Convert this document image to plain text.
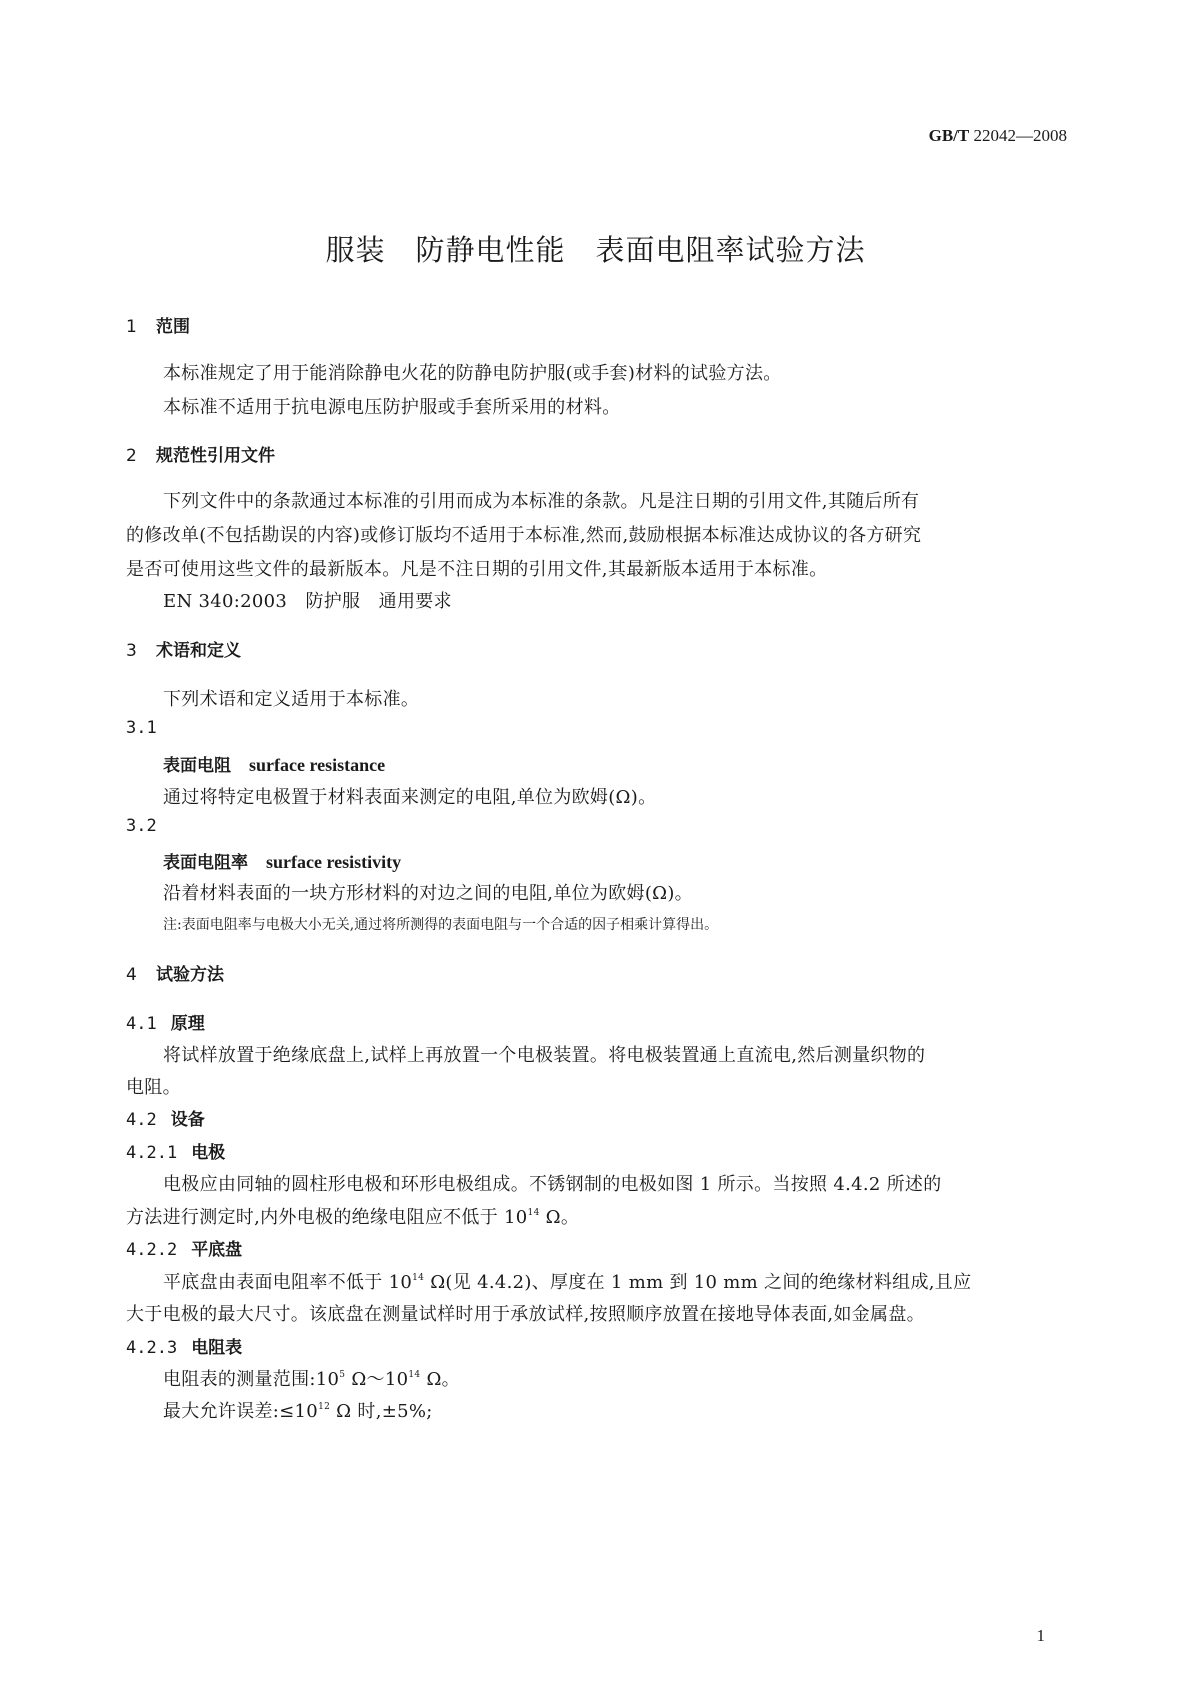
GB/T 22042—2008
服装　防静电性能　表面电阻率试验方法
1 范围
本标准规定了用于能消除静电火花的防静电防护服(或手套)材料的试验方法。
本标准不适用于抗电源电压防护服或手套所采用的材料。
2 规范性引用文件
下列文件中的条款通过本标准的引用而成为本标准的条款。凡是注日期的引用文件,其随后所有
的修改单(不包括勘误的内容)或修订版均不适用于本标准,然而,鼓励根据本标准达成协议的各方研究
是否可使用这些文件的最新版本。凡是不注日期的引用文件,其最新版本适用于本标准。
EN 340:2003　防护服　通用要求
3 术语和定义
下列术语和定义适用于本标准。
3.1
表面电阻 surface resistance
通过将特定电极置于材料表面来测定的电阻,单位为欧姆(Ω)。
3.2
表面电阻率 surface resistivity
沿着材料表面的一块方形材料的对边之间的电阻,单位为欧姆(Ω)。
注:表面电阻率与电极大小无关,通过将所测得的表面电阻与一个合适的因子相乘计算得出。
4 试验方法
4.1 原理
将试样放置于绝缘底盘上,试样上再放置一个电极装置。将电极装置通上直流电,然后测量织物的
电阻。
4.2 设备
4.2.1 电极
电极应由同轴的圆柱形电极和环形电极组成。不锈钢制的电极如图 1 所示。当按照 4.4.2 所述的
方法进行测定时,内外电极的绝缘电阻应不低于 $10^{14}$ Ω。
4.2.2 平底盘
平底盘由表面电阻率不低于 $10^{14}$ Ω(见 4.4.2)、厚度在 1 mm 到 10 mm 之间的绝缘材料组成,且应
大于电极的最大尺寸。该底盘在测量试样时用于承放试样,按照顺序放置在接地导体表面,如金属盘。
4.2.3 电阻表
电阻表的测量范围$:10^5$ $\Omega\sim 10^{14}$ Ω。
最大允许误差$:\le 10^{12}$ Ω 时,±5%;
1
